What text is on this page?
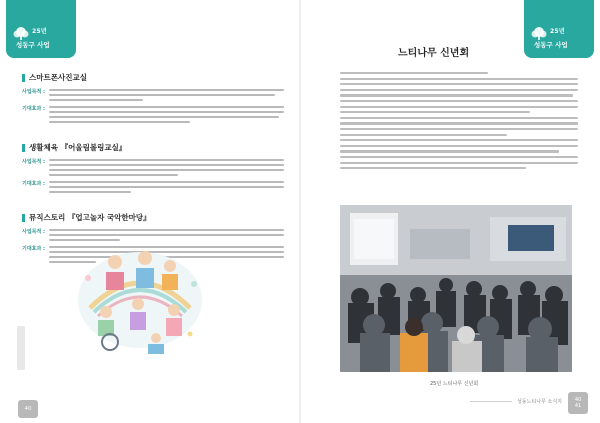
25년
성동구 사업
25년
성동구 사업
스마트폰사진교실
사업목적 :
기대효과 :
생활체육 『어울림볼링교실』
사업목적 :
기대효과 :
뮤직스토리 『업고놀자 국악한마당』
사업목적 :
기대효과 :
40
느티나무 신년회
25년 느티나무 신년회
성동느티나무 소식지	40
41
